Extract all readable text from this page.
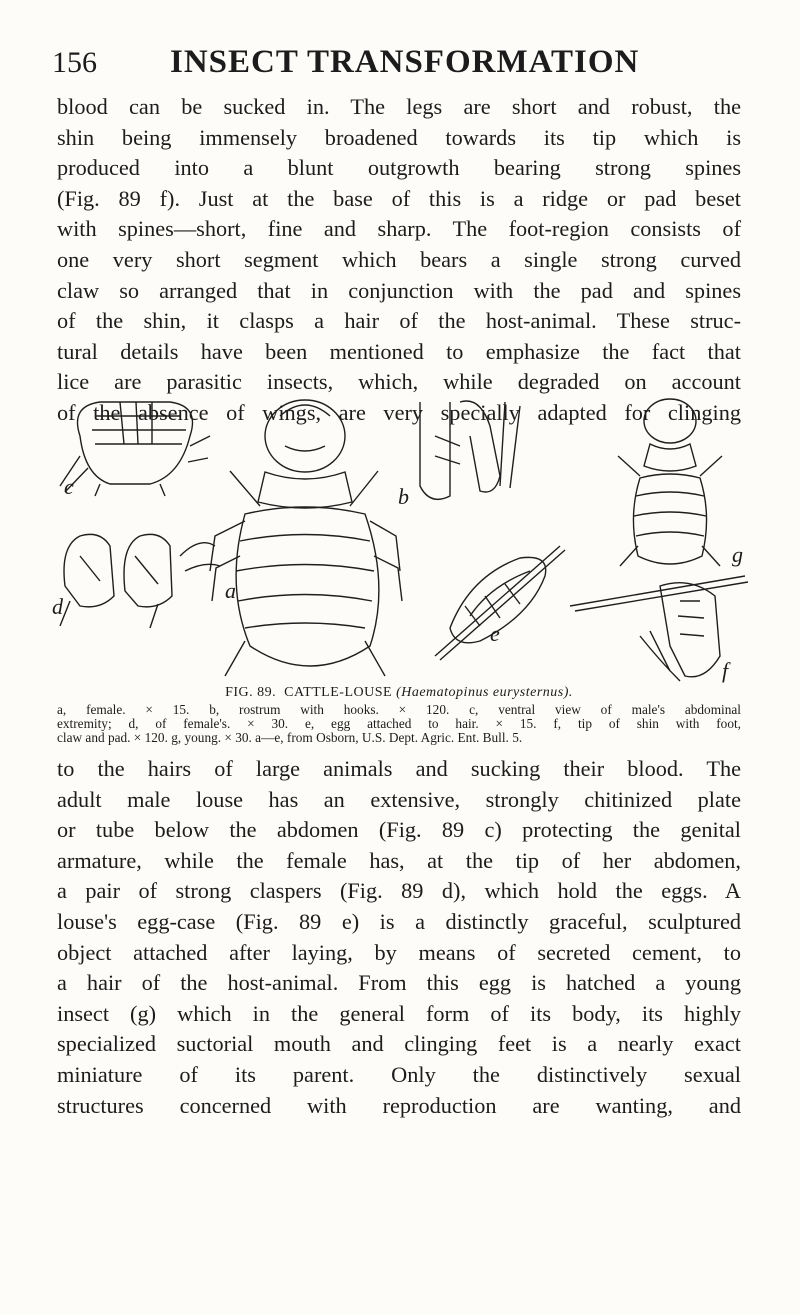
156 INSECT TRANSFORMATION
blood can be sucked in. The legs are short and robust, the
shin being immensely broadened towards its tip which is
produced into a blunt outgrowth bearing strong spines
(Fig. 89 f). Just at the base of this is a ridge or pad beset
with spines—short, fine and sharp. The foot-region consists of
one very short segment which bears a single strong curved
claw so arranged that in conjunction with the pad and spines
of the shin, it clasps a hair of the host-animal. These struc-
tural details have been mentioned to emphasize the fact that
lice are parasitic insects, which, while degraded on account
of the absence of wings, are very specially adapted for clinging
c
d
a
b
e
g
f
FIG. 89. CATTLE-LOUSE (Haematopinus eurysternus).
a, female. × 15. b, rostrum with hooks. × 120. c, ventral view of male's abdominal
extremity; d, of female's. × 30. e, egg attached to hair. × 15. f, tip of shin with foot,
claw and pad. × 120. g, young. × 30. a—e, from Osborn, U.S. Dept. Agric. Ent. Bull. 5.
to the hairs of large animals and sucking their blood. The
adult male louse has an extensive, strongly chitinized plate
or tube below the abdomen (Fig. 89 c) protecting the genital
armature, while the female has, at the tip of her abdomen,
a pair of strong claspers (Fig. 89 d), which hold the eggs. A
louse's egg-case (Fig. 89 e) is a distinctly graceful, sculptured
object attached after laying, by means of secreted cement, to
a hair of the host-animal. From this egg is hatched a young
insect (g) which in the general form of its body, its highly
specialized suctorial mouth and clinging feet is a nearly exact
miniature of its parent. Only the distinctively sexual
structures concerned with reproduction are wanting, and
